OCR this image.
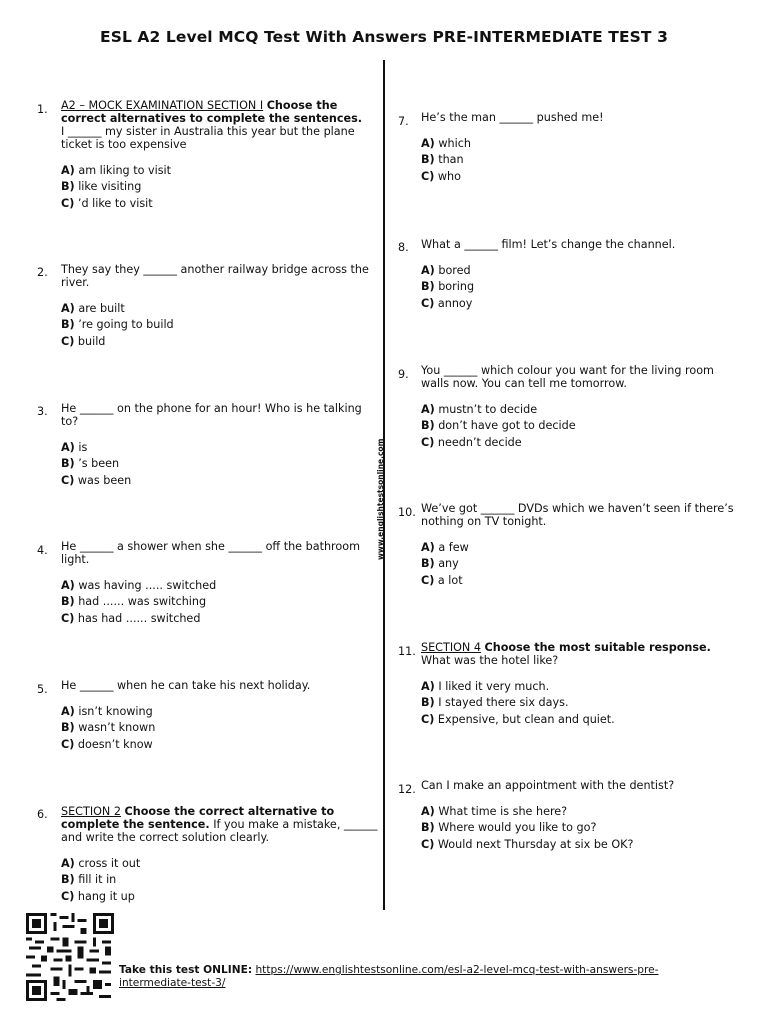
ESL A2 Level MCQ Test With Answers PRE-INTERMEDIATE TEST 3
www.englishtestsonline.com
1. A2 – MOCK EXAMINATION SECTION I Choose the correct alternatives to complete the sentences.
I ______ my sister in Australia this year but the plane ticket is too expensive
A) am liking to visit
B) like visiting
C) ’d like to visit
2. They say they ______ another railway bridge across the river.
A) are built
B) ’re going to build
C) build
3. He ______ on the phone for an hour! Who is he talking to?
A) is
B) ’s been
C) was been
4. He ______ a shower when she ______ off the bathroom light.
A) was having ..... switched
B) had ...... was switching
C) has had ...... switched
5. He ______ when he can take his next holiday.
A) isn’t knowing
B) wasn’t known
C) doesn’t know
6. SECTION 2 Choose the correct alternative to complete the sentence. If you make a mistake, ______ and write the correct solution clearly.
A) cross it out
B) fill it in
C) hang it up
7. He’s the man ______ pushed me!
A) which
B) than
C) who
8. What a ______ film! Let’s change the channel.
A) bored
B) boring
C) annoy
9. You ______ which colour you want for the living room walls now. You can tell me tomorrow.
A) mustn’t to decide
B) don’t have got to decide
C) needn’t decide
10. We’ve got ______ DVDs which we haven’t seen if there’s nothing on TV tonight.
A) a few
B) any
C) a lot
11. SECTION 4 Choose the most suitable response.
What was the hotel like?
A) I liked it very much.
B) I stayed there six days.
C) Expensive, but clean and quiet.
12. Can I make an appointment with the dentist?
A) What time is she here?
B) Where would you like to go?
C) Would next Thursday at six be OK?
Take this test ONLINE: https://www.englishtestsonline.com/esl-a2-level-mcq-test-with-answers-pre-intermediate-test-3/
